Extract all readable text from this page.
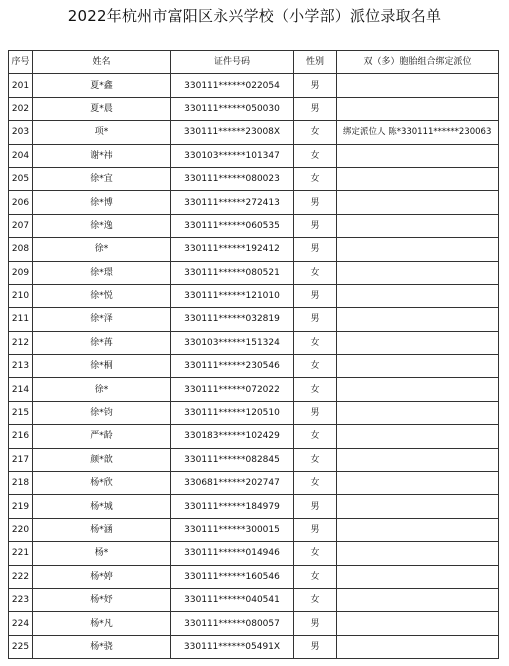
2022年杭州市富阳区永兴学校（小学部）派位录取名单
序号	姓名	证件号码	性别	双（多）胞胎组合绑定派位
201	夏*鑫	330111******022054	男	
202	夏*晨	330111******050030	男	
203	项*	330111******23008X	女	绑定派位人 陈*330111******230063
204	谢*祎	330103******101347	女	
205	徐*宜	330111******080023	女	
206	徐*博	330111******272413	男	
207	徐*逸	330111******060535	男	
208	徐*	330111******192412	男	
209	徐*璟	330111******080521	女	
210	徐*悦	330111******121010	男	
211	徐*泽	330111******032819	男	
212	徐*苒	330103******151324	女	
213	徐*桐	330111******230546	女	
214	徐*	330111******072022	女	
215	徐*钧	330111******120510	男	
216	严*龄	330183******102429	女	
217	颜*歆	330111******082845	女	
218	杨*欣	330681******202747	女	
219	杨*城	330111******184979	男	
220	杨*涵	330111******300015	男	
221	杨*	330111******014946	女	
222	杨*婷	330111******160546	女	
223	杨*妤	330111******040541	女	
224	杨*凡	330111******080057	男	
225	杨*骁	330111******05491X	男	
